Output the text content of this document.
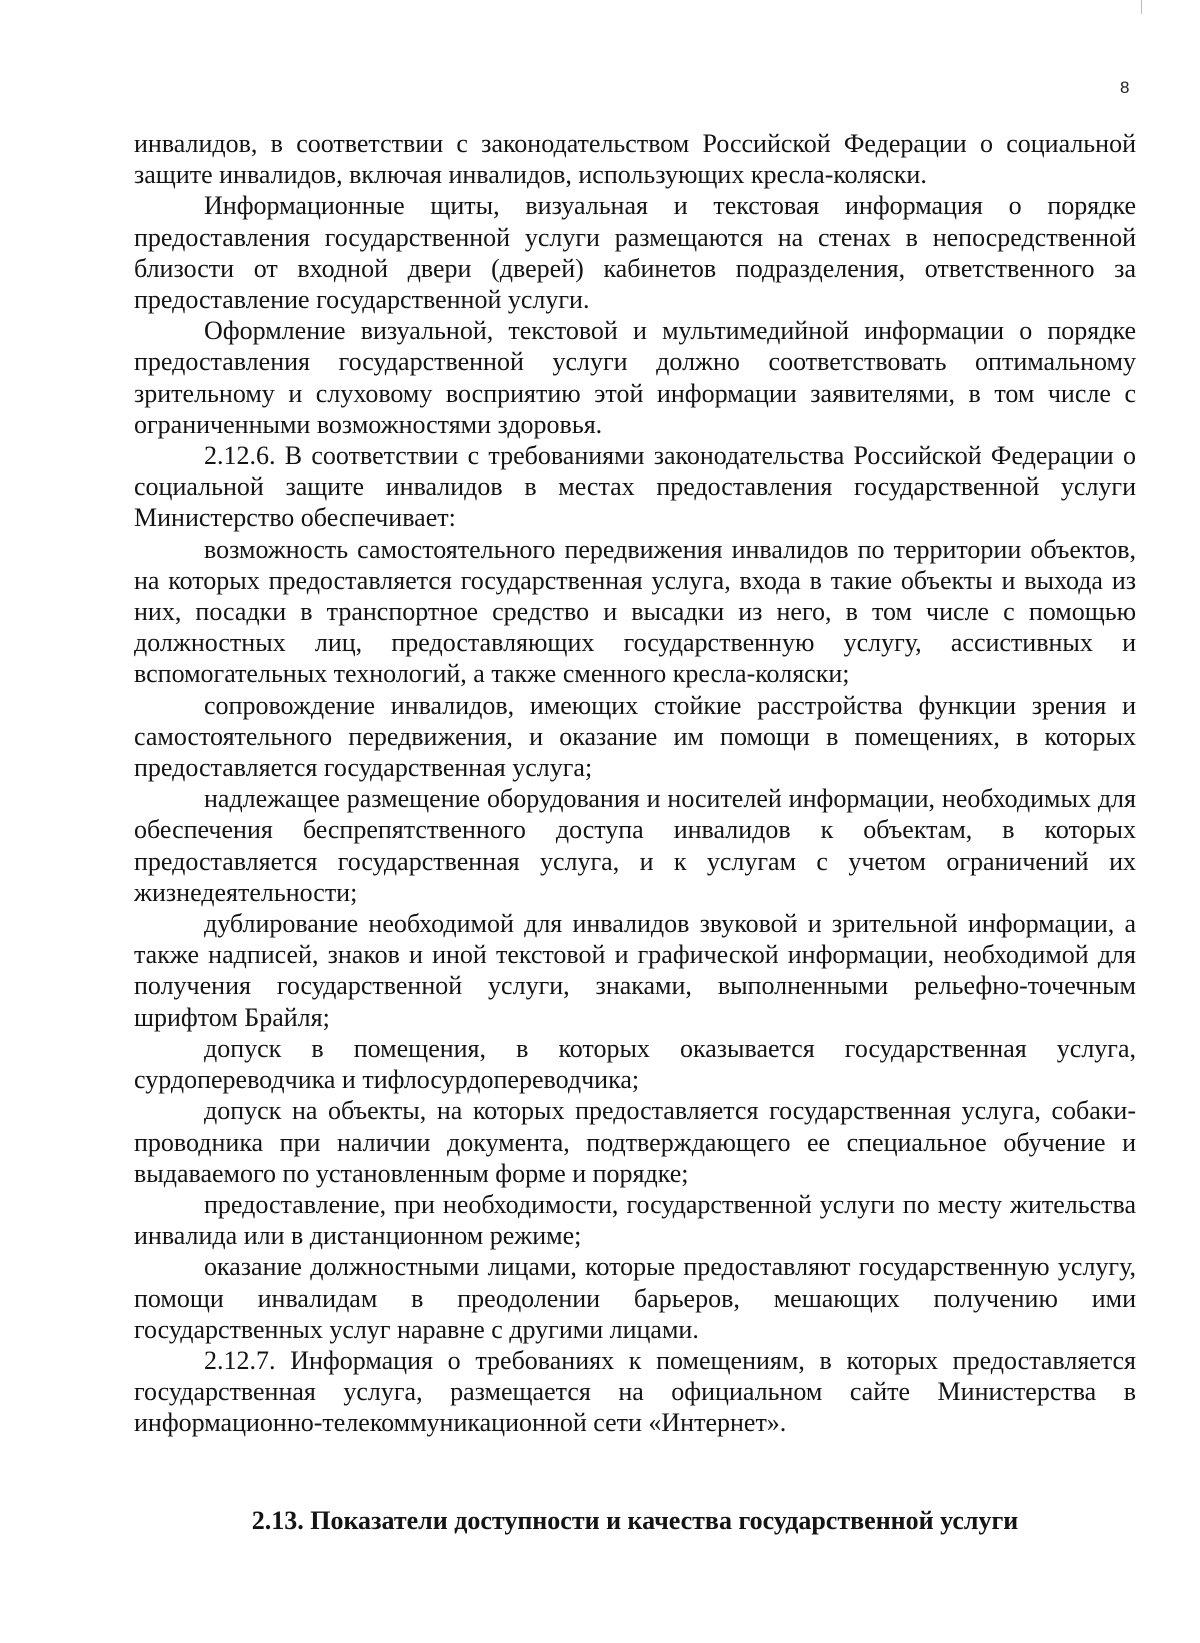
8

инвалидов, в соответствии с законодательством Российской Федерации о социальной защите инвалидов, включая инвалидов, использующих кресла-коляски.

Информационные щиты, визуальная и текстовая информация о порядке предоставления государственной услуги размещаются на стенах в непосредственной близости от входной двери (дверей) кабинетов подразделения, ответственного за предоставление государственной услуги.

Оформление визуальной, текстовой и мультимедийной информации о порядке предоставления государственной услуги должно соответствовать оптимальному зрительному и слуховому восприятию этой информации заявителями, в том числе с ограниченными возможностями здоровья.

2.12.6. В соответствии с требованиями законодательства Российской Федерации о социальной защите инвалидов в местах предоставления государственной услуги Министерство обеспечивает:

возможность самостоятельного передвижения инвалидов по территории объектов, на которых предоставляется государственная услуга, входа в такие объекты и выхода из них, посадки в транспортное средство и высадки из него, в том числе с помощью должностных лиц, предоставляющих государственную услугу, ассистивных и вспомогательных технологий, а также сменного кресла-коляски;

сопровождение инвалидов, имеющих стойкие расстройства функции зрения и самостоятельного передвижения, и оказание им помощи в помещениях, в которых предоставляется государственная услуга;

надлежащее размещение оборудования и носителей информации, необходимых для обеспечения беспрепятственного доступа инвалидов к объектам, в которых предоставляется государственная услуга, и к услугам с учетом ограничений их жизнедеятельности;

дублирование необходимой для инвалидов звуковой и зрительной информации, а также надписей, знаков и иной текстовой и графической информации, необходимой для получения государственной услуги, знаками, выполненными рельефно-точечным шрифтом Брайля;

допуск в помещения, в которых оказывается государственная услуга, сурдопереводчика и тифлосурдопереводчика;

допуск на объекты, на которых предоставляется государственная услуга, собаки-проводника при наличии документа, подтверждающего ее специальное обучение и выдаваемого по установленным форме и порядке;

предоставление, при необходимости, государственной услуги по месту жительства инвалида или в дистанционном режиме;

оказание должностными лицами, которые предоставляют государственную услугу, помощи инвалидам в преодолении барьеров, мешающих получению ими государственных услуг наравне с другими лицами.

2.12.7. Информация о требованиях к помещениям, в которых предоставляется государственная услуга, размещается на официальном сайте Министерства в информационно-телекоммуникационной сети «Интернет».

2.13. Показатели доступности и качества государственной услуги
